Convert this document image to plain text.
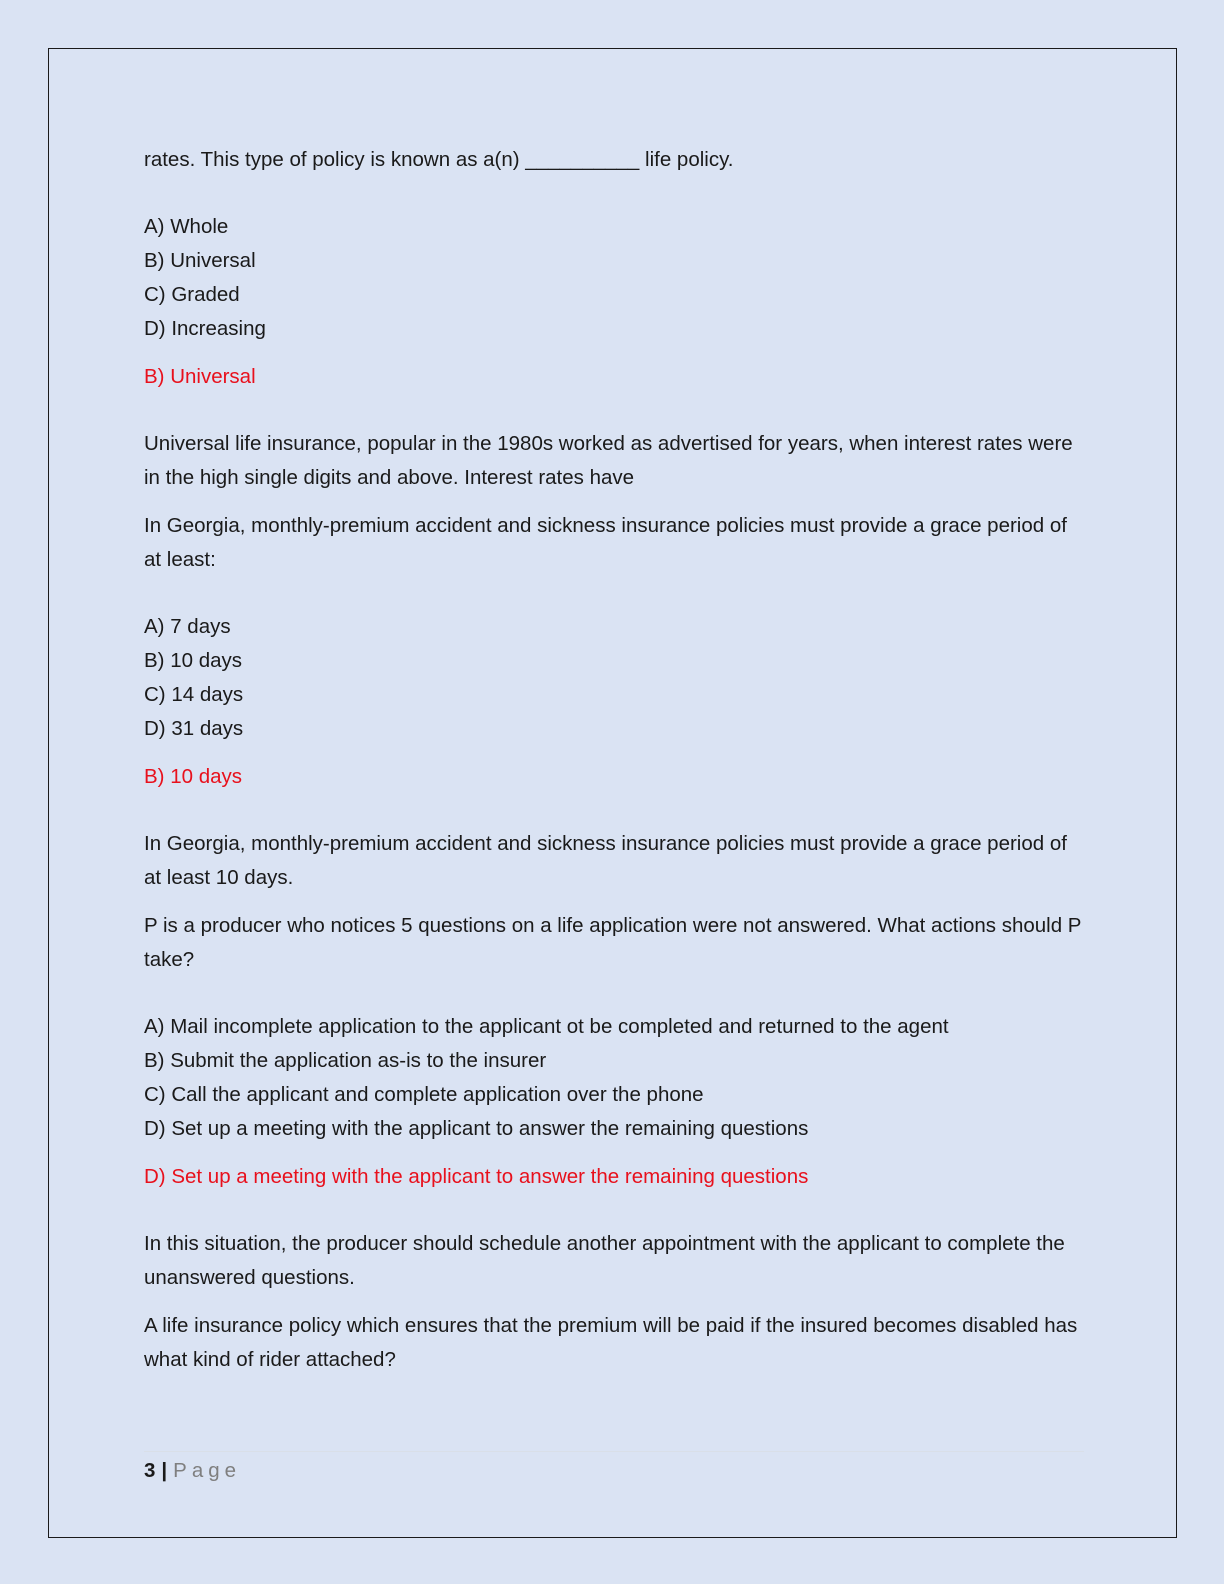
rates. This type of policy is known as a(n) __________ life policy.

A) Whole
B) Universal
C) Graded
D) Increasing

B) Universal

Universal life insurance, popular in the 1980s worked as advertised for years, when interest rates were in the high single digits and above. Interest rates have

In Georgia, monthly-premium accident and sickness insurance policies must provide a grace period of at least:

A) 7 days
B) 10 days
C) 14 days
D) 31 days

B) 10 days

In Georgia, monthly-premium accident and sickness insurance policies must provide a grace period of at least 10 days.

P is a producer who notices 5 questions on a life application were not answered. What actions should P take?

A) Mail incomplete application to the applicant ot be completed and returned to the agent
B) Submit the application as-is to the insurer
C) Call the applicant and complete application over the phone
D) Set up a meeting with the applicant to answer the remaining questions

D) Set up a meeting with the applicant to answer the remaining questions

In this situation, the producer should schedule another appointment with the applicant to complete the unanswered questions.

A life insurance policy which ensures that the premium will be paid if the insured becomes disabled has what kind of rider attached?

3 | Page
